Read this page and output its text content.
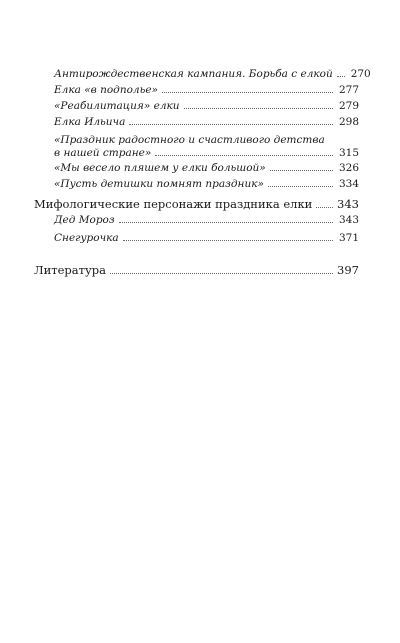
Антирождественская кампания. Борьба с елкой 270
Елка «в подполье»	277
«Реабилитация» елки	279
Елка Ильича	298
«Праздник радостного и счастливого детства
в нашей стране»	315
«Мы весело пляшем у елки большой»	326
«Пусть детишки помнят праздник»	334
Мифологические персонажи праздника елки 343
Дед Мороз	343
Снегурочка	371
Литература	397
